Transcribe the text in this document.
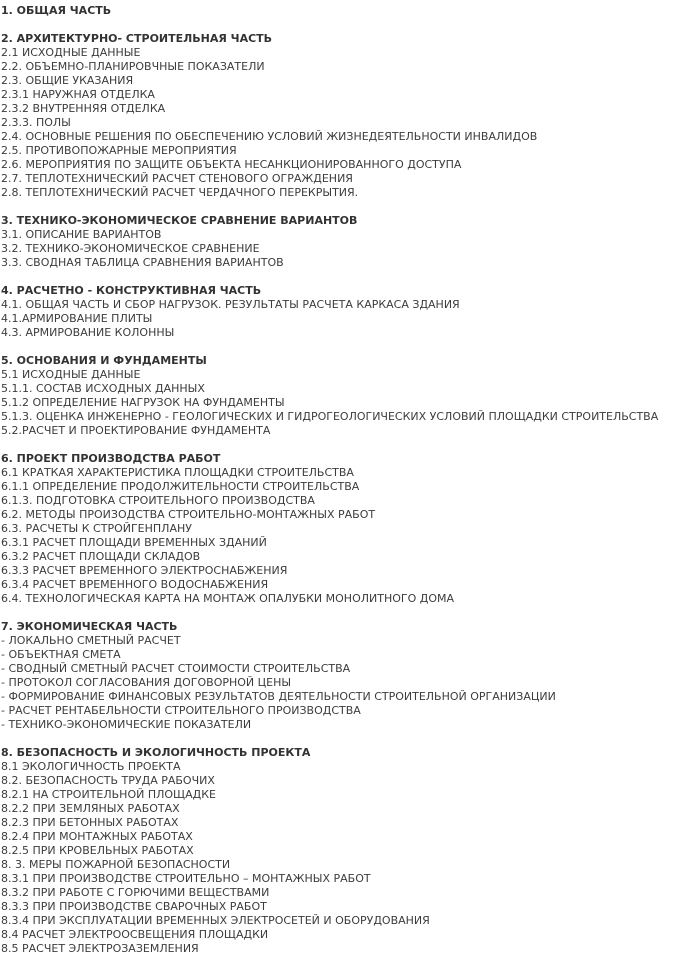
1. ОБЩАЯ ЧАСТЬ
2. АРХИТЕКТУРНО- СТРОИТЕЛЬНАЯ ЧАСТЬ
2.1 ИСХОДНЫЕ ДАННЫЕ
2.2. ОБЪЕМНО-ПЛАНИРОВЧНЫЕ ПОКАЗАТЕЛИ
2.3. ОБЩИЕ УКАЗАНИЯ
2.3.1 НАРУЖНАЯ ОТДЕЛКА
2.3.2 ВНУТРЕННЯЯ ОТДЕЛКА
2.3.3. ПОЛЫ
2.4. ОСНОВНЫЕ РЕШЕНИЯ ПО ОБЕСПЕЧЕНИЮ УСЛОВИЙ ЖИЗНЕДЕЯТЕЛЬНОСТИ ИНВАЛИДОВ
2.5. ПРОТИВОПОЖАРНЫЕ МЕРОПРИЯТИЯ
2.6. МЕРОПРИЯТИЯ ПО ЗАЩИТЕ ОБЪЕКТА НЕСАНКЦИОНИРОВАННОГО ДОСТУПА
2.7. ТЕПЛОТЕХНИЧЕСКИЙ РАСЧЕТ СТЕНОВОГО ОГРАЖДЕНИЯ
2.8. ТЕПЛОТЕХНИЧЕСКИЙ РАСЧЕТ ЧЕРДАЧНОГО ПЕРЕКРЫТИЯ.
3. ТЕХНИКО-ЭКОНОМИЧЕСКОЕ СРАВНЕНИЕ ВАРИАНТОВ
3.1. ОПИСАНИЕ ВАРИАНТОВ
3.2. ТЕХНИКО-ЭКОНОМИЧЕСКОЕ СРАВНЕНИЕ
3.3. СВОДНАЯ ТАБЛИЦА СРАВНЕНИЯ ВАРИАНТОВ
4. РАСЧЕТНО - КОНСТРУКТИВНАЯ ЧАСТЬ
4.1. ОБЩАЯ ЧАСТЬ И СБОР НАГРУЗОК. РЕЗУЛЬТАТЫ РАСЧЕТА КАРКАСА ЗДАНИЯ
4.1.АРМИРОВАНИЕ ПЛИТЫ
4.3. АРМИРОВАНИЕ КОЛОННЫ
5. ОСНОВАНИЯ И ФУНДАМЕНТЫ
5.1 ИСХОДНЫЕ ДАННЫЕ
5.1.1. СОСТАВ ИСХОДНЫХ ДАННЫХ
5.1.2 ОПРЕДЕЛЕНИЕ НАГРУЗОК НА ФУНДАМЕНТЫ
5.1.3. ОЦЕНКА ИНЖЕНЕРНО - ГЕОЛОГИЧЕСКИХ И ГИДРОГЕОЛОГИЧЕСКИХ УСЛОВИЙ ПЛОЩАДКИ СТРОИТЕЛЬСТВА
5.2.РАСЧЕТ И ПРОЕКТИРОВАНИЕ ФУНДАМЕНТА
6. ПРОЕКТ ПРОИЗВОДСТВА РАБОТ
6.1 КРАТКАЯ ХАРАКТЕРИСТИКА ПЛОЩАДКИ СТРОИТЕЛЬСТВА
6.1.1 ОПРЕДЕЛЕНИЕ ПРОДОЛЖИТЕЛЬНОСТИ СТРОИТЕЛЬСТВА
6.1.3. ПОДГОТОВКА СТРОИТЕЛЬНОГО ПРОИЗВОДСТВА
6.2. МЕТОДЫ ПРОИЗОДСТВА СТРОИТЕЛЬНО-МОНТАЖНЫХ РАБОТ
6.3. РАСЧЕТЫ К СТРОЙГЕНПЛАНУ
6.3.1 РАСЧЕТ ПЛОЩАДИ ВРЕМЕННЫХ ЗДАНИЙ
6.3.2 РАСЧЕТ ПЛОЩАДИ СКЛАДОВ
6.3.3 РАСЧЕТ ВРЕМЕННОГО ЭЛЕКТРОСНАБЖЕНИЯ
6.3.4 РАСЧЕТ ВРЕМЕННОГО ВОДОСНАБЖЕНИЯ
6.4. ТЕХНОЛОГИЧЕСКАЯ КАРТА НА МОНТАЖ ОПАЛУБКИ МОНОЛИТНОГО ДОМА
7. ЭКОНОМИЧЕСКАЯ ЧАСТЬ
- ЛОКАЛЬНО СМЕТНЫЙ РАСЧЕТ
- ОБЪЕКТНАЯ СМЕТА
- СВОДНЫЙ СМЕТНЫЙ РАСЧЕТ СТОИМОСТИ СТРОИТЕЛЬСТВА
- ПРОТОКОЛ СОГЛАСОВАНИЯ ДОГОВОРНОЙ ЦЕНЫ
- ФОРМИРОВАНИЕ ФИНАНСОВЫХ РЕЗУЛЬТАТОВ ДЕЯТЕЛЬНОСТИ СТРОИТЕЛЬНОЙ ОРГАНИЗАЦИИ
- РАСЧЕТ РЕНТАБЕЛЬНОСТИ СТРОИТЕЛЬНОГО ПРОИЗВОДСТВА
- ТЕХНИКО-ЭКОНОМИЧЕСКИЕ ПОКАЗАТЕЛИ
8. БЕЗОПАСНОСТЬ И ЭКОЛОГИЧНОСТЬ ПРОЕКТА
8.1 ЭКОЛОГИЧНОСТЬ ПРОЕКТА
8.2. БЕЗОПАСНОСТЬ ТРУДА РАБОЧИХ
8.2.1 НА СТРОИТЕЛЬНОЙ ПЛОЩАДКЕ
8.2.2 ПРИ ЗЕМЛЯНЫХ РАБОТАХ
8.2.3 ПРИ БЕТОННЫХ РАБОТАХ
8.2.4 ПРИ МОНТАЖНЫХ РАБОТАХ
8.2.5 ПРИ КРОВЕЛЬНЫХ РАБОТАХ
8. 3. МЕРЫ ПОЖАРНОЙ БЕЗОПАСНОСТИ
8.3.1 ПРИ ПРОИЗВОДСТВЕ СТРОИТЕЛЬНО – МОНТАЖНЫХ РАБОТ
8.3.2 ПРИ РАБОТЕ С ГОРЮЧИМИ ВЕЩЕСТВАМИ
8.3.3 ПРИ ПРОИЗВОДСТВЕ СВАРОЧНЫХ РАБОТ
8.3.4 ПРИ ЭКСПЛУАТАЦИИ ВРЕМЕННЫХ ЭЛЕКТРОСЕТЕЙ И ОБОРУДОВАНИЯ
8.4 РАСЧЕТ ЭЛЕКТРООСВЕЩЕНИЯ ПЛОЩАДКИ
8.5 РАСЧЕТ ЭЛЕКТРОЗАЗЕМЛЕНИЯ
